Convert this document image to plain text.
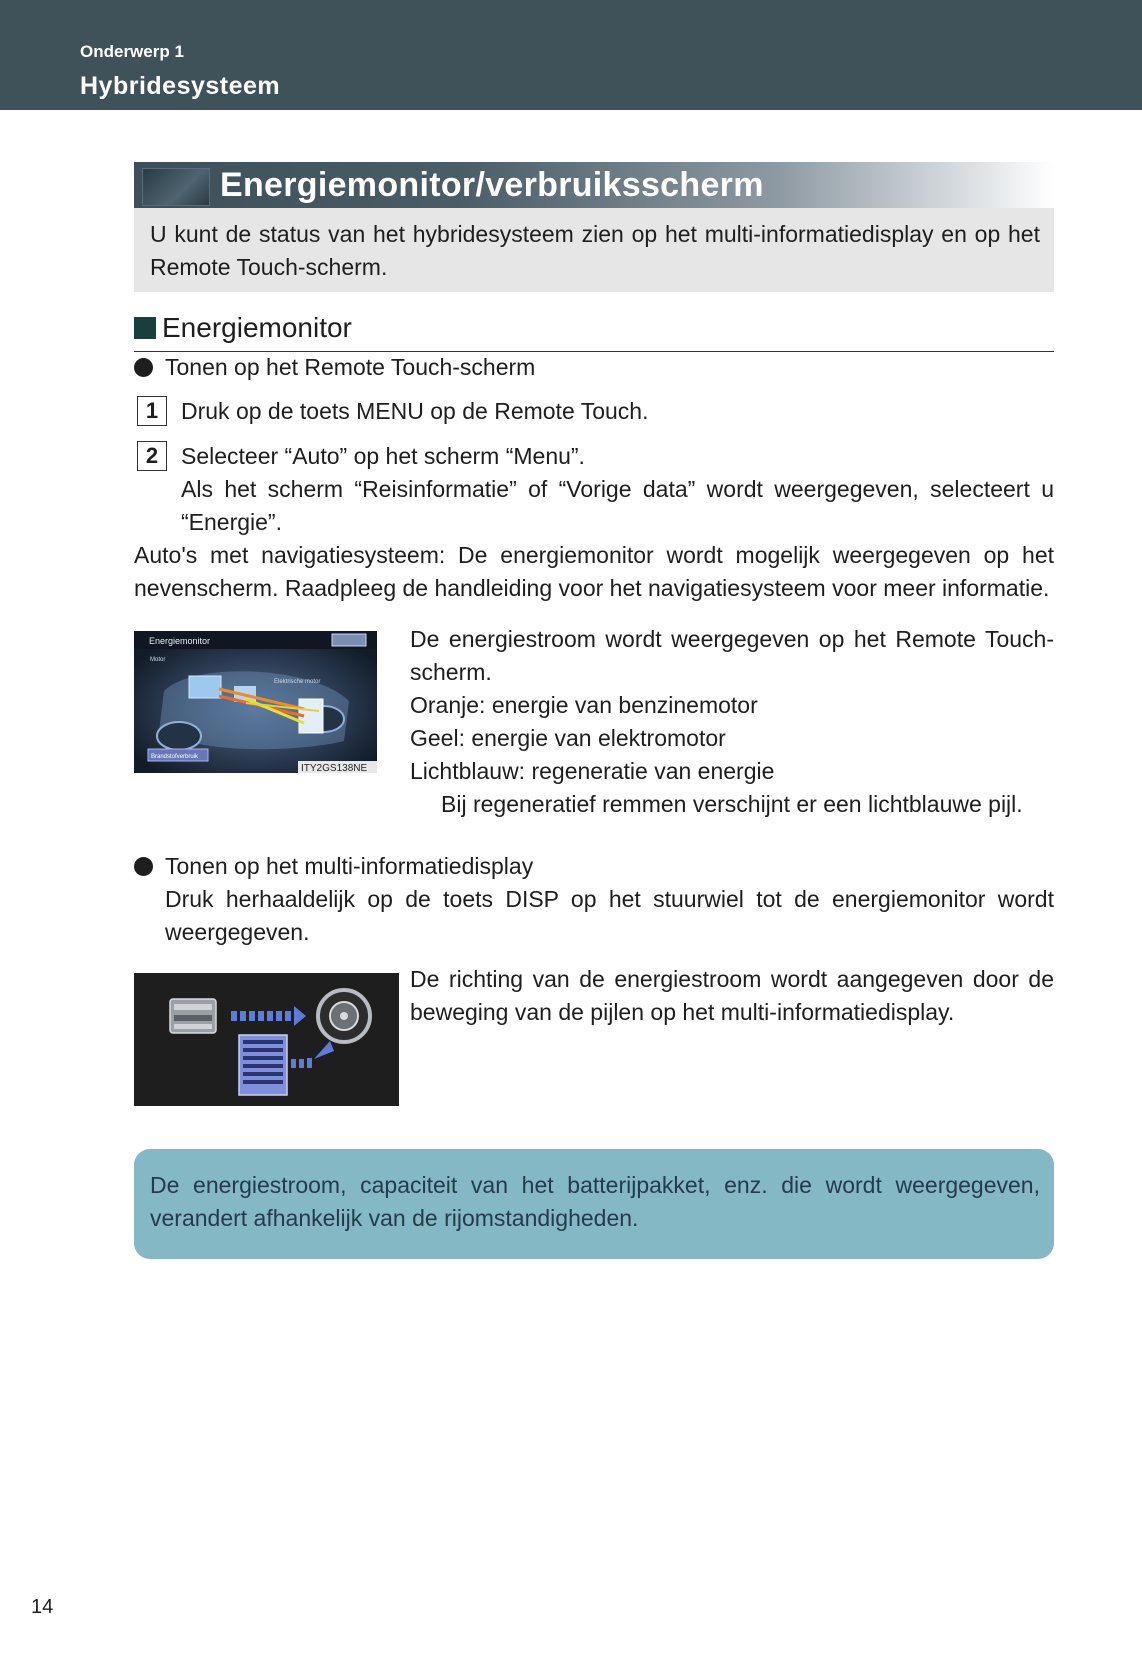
Onderwerp 1
Hybridesysteem
Energiemonitor/verbruiksscherm

U kunt de status van het hybridesysteem zien op het multi-informatiedisplay en op het Remote Touch-scherm.

Energiemonitor
Tonen op het Remote Touch-scherm
1 Druk op de toets MENU op de Remote Touch.
2 Selecteer “Auto” op het scherm “Menu”.
Als het scherm “Reisinformatie” of “Vorige data” wordt weergegeven, selecteert u “Energie”.
Auto's met navigatiesysteem: De energiemonitor wordt mogelijk weergegeven op het nevenscherm. Raadpleeg de handleiding voor het navigatiesysteem voor meer informatie.
Energiemonitor
Motor
Elektrische motor
Brandstofverbruik
ITY2GS138NE
De energiestroom wordt weergegeven op het Remote Touch-scherm.
Oranje: energie van benzinemotor
Geel: energie van elektromotor
Lichtblauw: regeneratie van energie
Bij regeneratief remmen verschijnt er een lichtblauwe pijl.
Tonen op het multi-informatiedisplay
Druk herhaaldelijk op de toets DISP op het stuurwiel tot de energiemonitor wordt weergegeven.
De richting van de energiestroom wordt aangegeven door de beweging van de pijlen op het multi-informatiedisplay.

De energiestroom, capaciteit van het batterijpakket, enz. die wordt weergegeven, verandert afhankelijk van de rijomstandigheden.

14
